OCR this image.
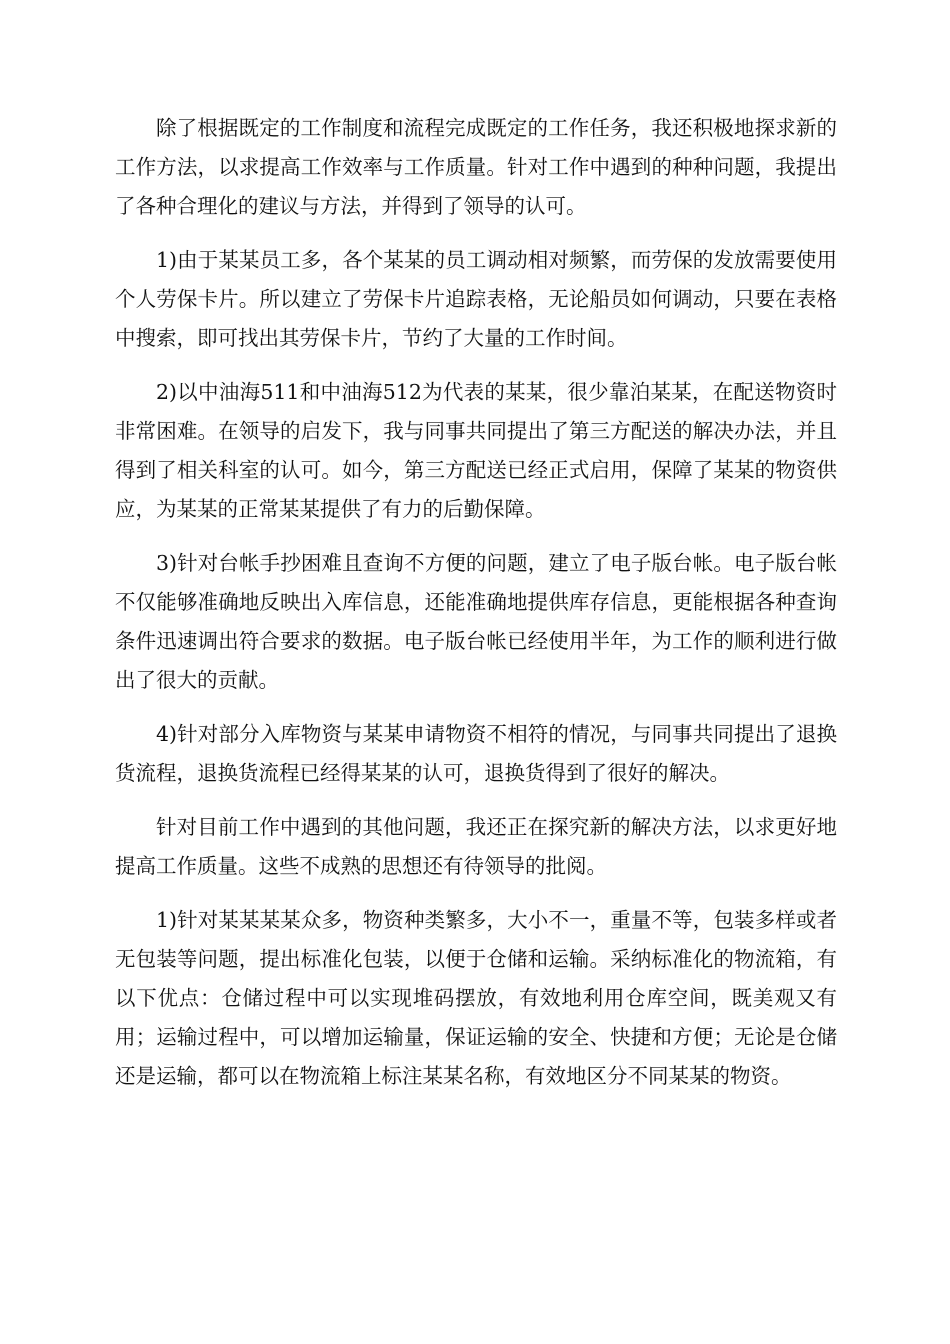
除了根据既定的工作制度和流程完成既定的工作任务，我还积极地探求新的工作方法，以求提高工作效率与工作质量。针对工作中遇到的种种问题，我提出了各种合理化的建议与方法，并得到了领导的认可。

1)由于某某员工多，各个某某的员工调动相对频繁，而劳保的发放需要使用个人劳保卡片。所以建立了劳保卡片追踪表格，无论船员如何调动，只要在表格中搜索，即可找出其劳保卡片，节约了大量的工作时间。

2)以中油海511和中油海512为代表的某某，很少靠泊某某，在配送物资时非常困难。在领导的启发下，我与同事共同提出了第三方配送的解决办法，并且得到了相关科室的认可。如今，第三方配送已经正式启用，保障了某某的物资供应，为某某的正常某某提供了有力的后勤保障。

3)针对台帐手抄困难且查询不方便的问题，建立了电子版台帐。电子版台帐不仅能够准确地反映出入库信息，还能准确地提供库存信息，更能根据各种查询条件迅速调出符合要求的数据。电子版台帐已经使用半年，为工作的顺利进行做出了很大的贡献。

4)针对部分入库物资与某某申请物资不相符的情况，与同事共同提出了退换货流程，退换货流程已经得某某的认可，退换货得到了很好的解决。

针对目前工作中遇到的其他问题，我还正在探究新的解决方法，以求更好地提高工作质量。这些不成熟的思想还有待领导的批阅。

1)针对某某某某众多，物资种类繁多，大小不一，重量不等，包装多样或者无包装等问题，提出标准化包装，以便于仓储和运输。采纳标准化的物流箱，有以下优点：仓储过程中可以实现堆码摆放，有效地利用仓库空间，既美观又有用；运输过程中，可以增加运输量，保证运输的安全、快捷和方便；无论是仓储还是运输，都可以在物流箱上标注某某名称，有效地区分不同某某的物资。
